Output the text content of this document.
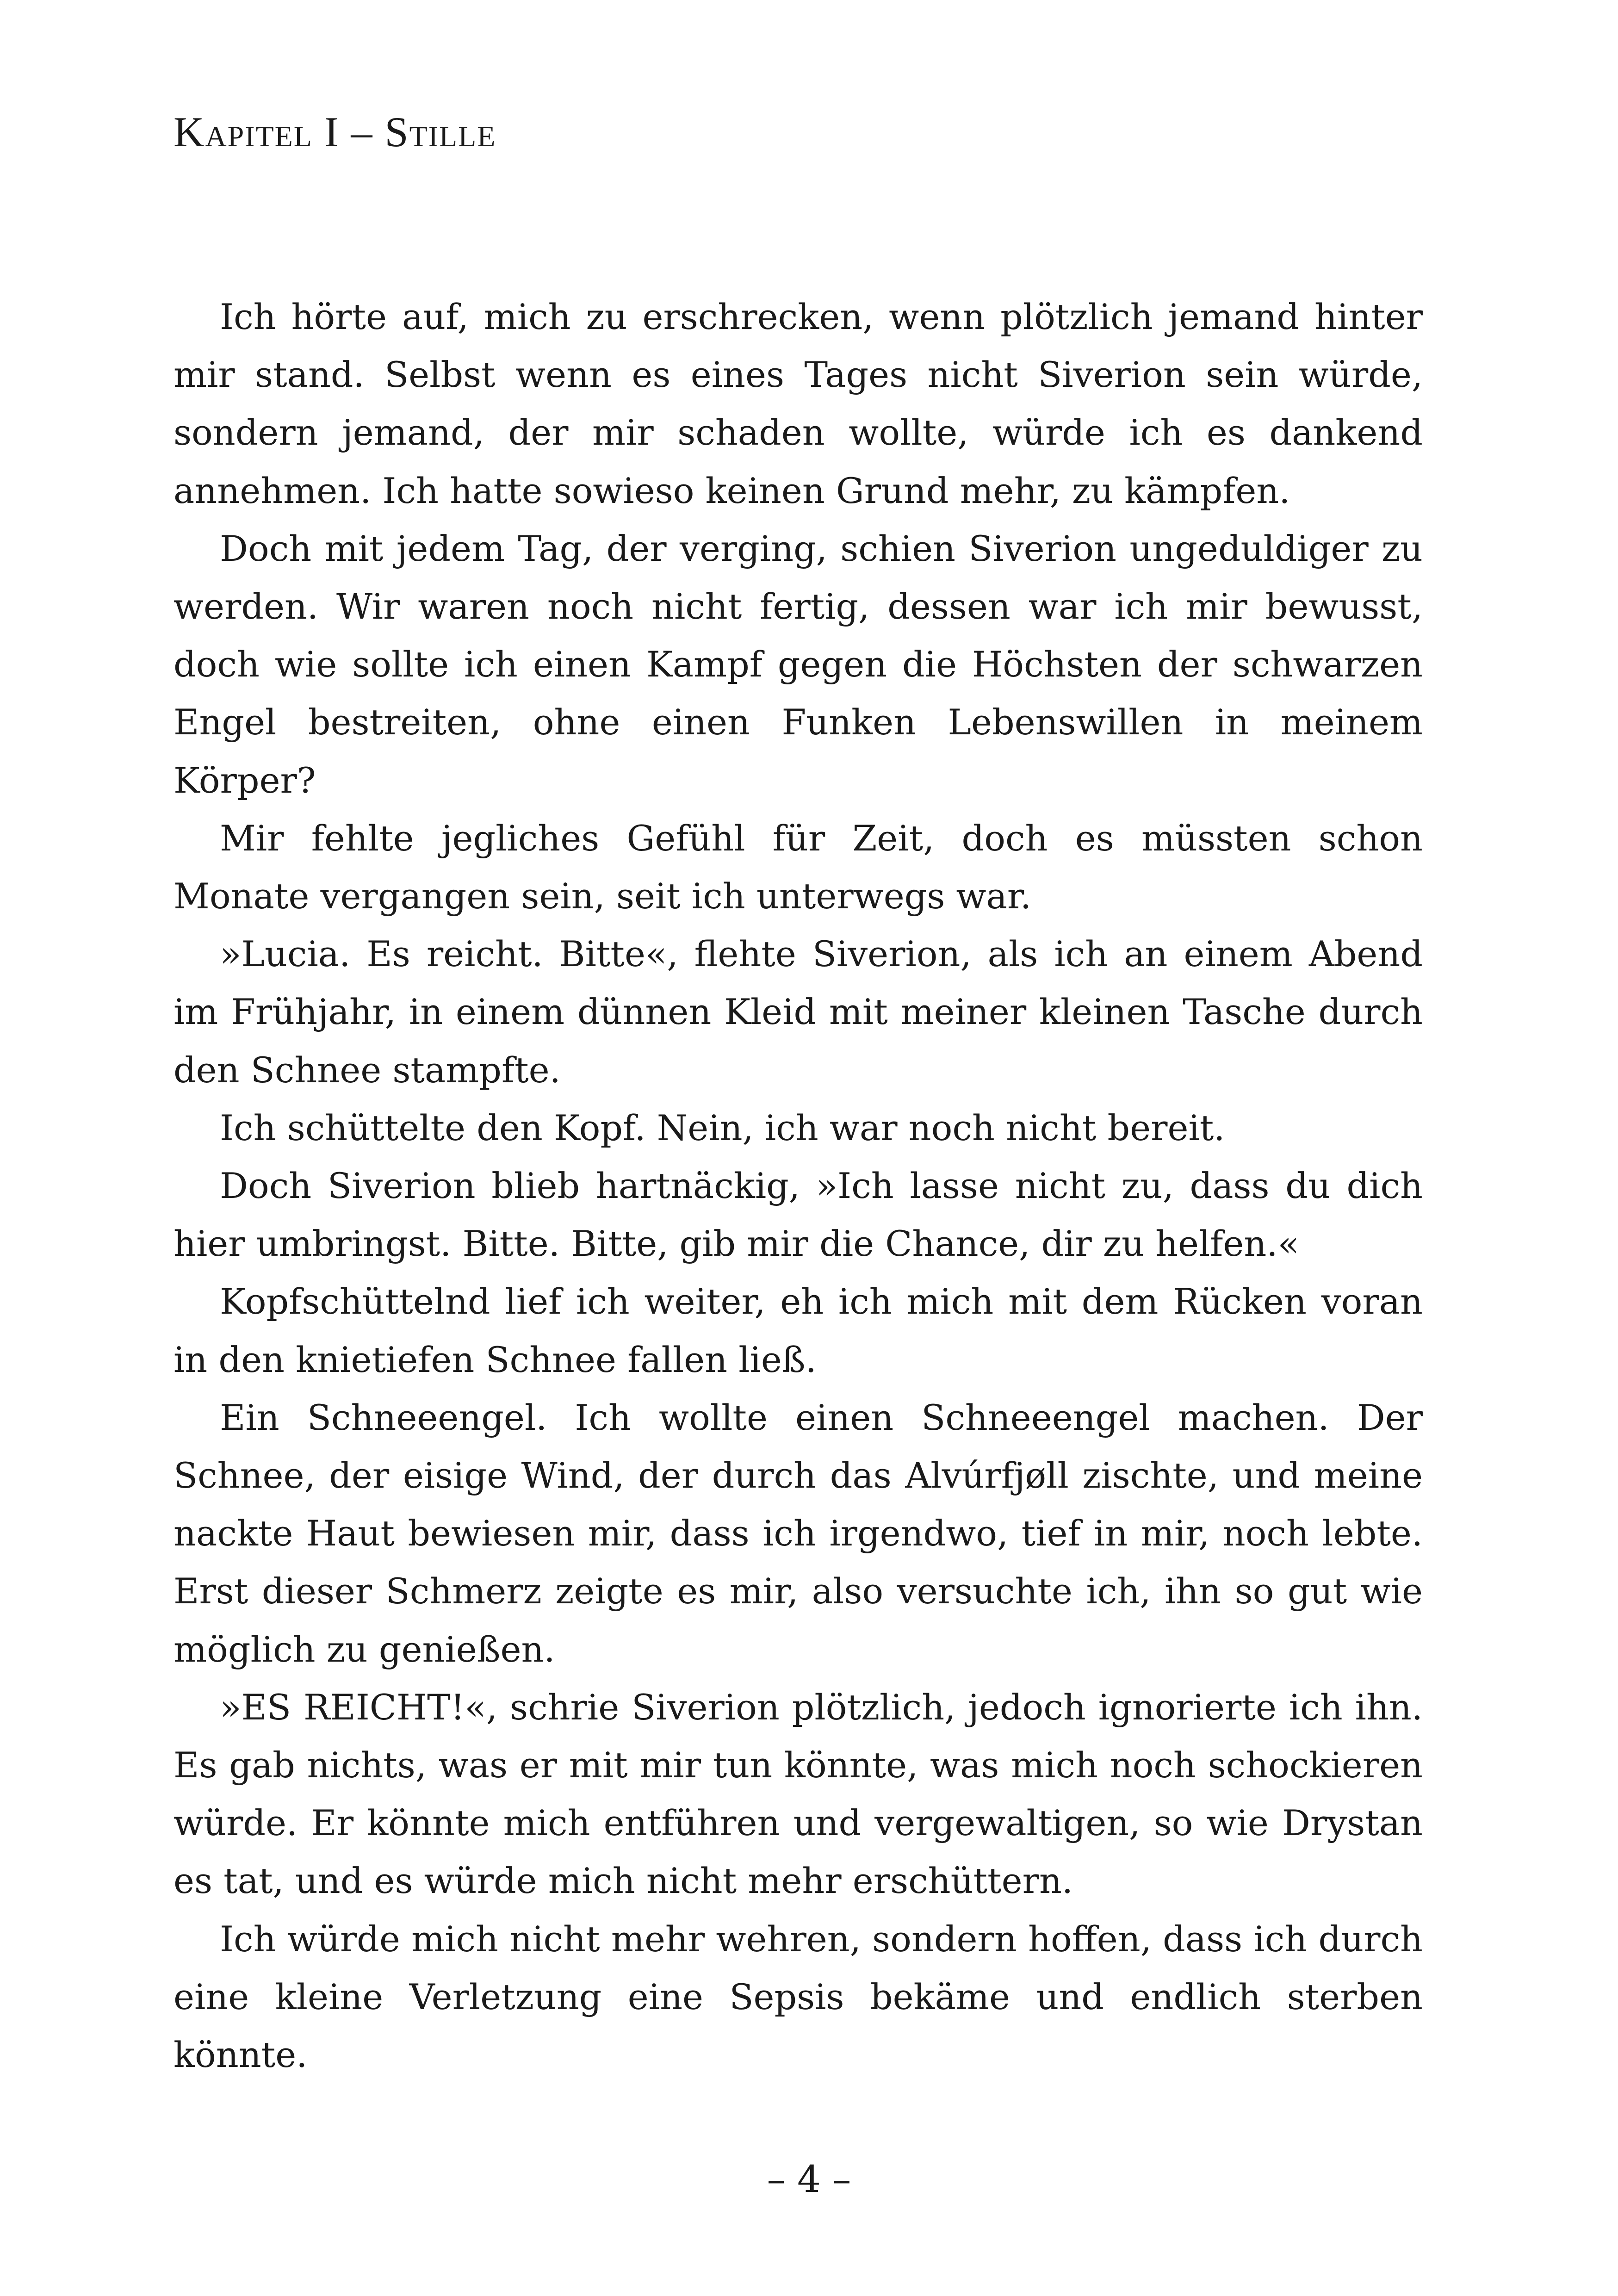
Kapitel I – Stille

Ich hörte auf, mich zu erschrecken, wenn plötzlich jemand hinter mir stand. Selbst wenn es eines Tages nicht Siverion sein würde, sondern jemand, der mir schaden wollte, würde ich es dankend annehmen. Ich hatte sowieso keinen Grund mehr, zu kämpfen.

Doch mit jedem Tag, der verging, schien Siverion ungeduldiger zu werden. Wir waren noch nicht fertig, dessen war ich mir bewusst, doch wie sollte ich einen Kampf gegen die Höchsten der schwarzen Engel bestreiten, ohne einen Funken Lebenswillen in meinem Körper?

Mir fehlte jegliches Gefühl für Zeit, doch es müssten schon Monate vergangen sein, seit ich unterwegs war.

»Lucia. Es reicht. Bitte«, flehte Siverion, als ich an einem Abend im Frühjahr, in einem dünnen Kleid mit meiner kleinen Tasche durch den Schnee stampfte.

Ich schüttelte den Kopf. Nein, ich war noch nicht bereit.

Doch Siverion blieb hartnäckig, »Ich lasse nicht zu, dass du dich hier umbringst. Bitte. Bitte, gib mir die Chance, dir zu helfen.«

Kopfschüttelnd lief ich weiter, eh ich mich mit dem Rücken voran in den knietiefen Schnee fallen ließ.

Ein Schneeengel. Ich wollte einen Schneeengel machen. Der Schnee, der eisige Wind, der durch das Alvúrfjøll zischte, und meine nackte Haut bewiesen mir, dass ich irgendwo, tief in mir, noch lebte. Erst dieser Schmerz zeigte es mir, also versuchte ich, ihn so gut wie möglich zu genießen.

»ES REICHT!«, schrie Siverion plötzlich, jedoch ignorierte ich ihn. Es gab nichts, was er mit mir tun könnte, was mich noch schockieren würde. Er könnte mich entführen und vergewaltigen, so wie Drystan es tat, und es würde mich nicht mehr erschüttern.

Ich würde mich nicht mehr wehren, sondern hoffen, dass ich durch eine kleine Verletzung eine Sepsis bekäme und endlich sterben könnte.

– 4 –
